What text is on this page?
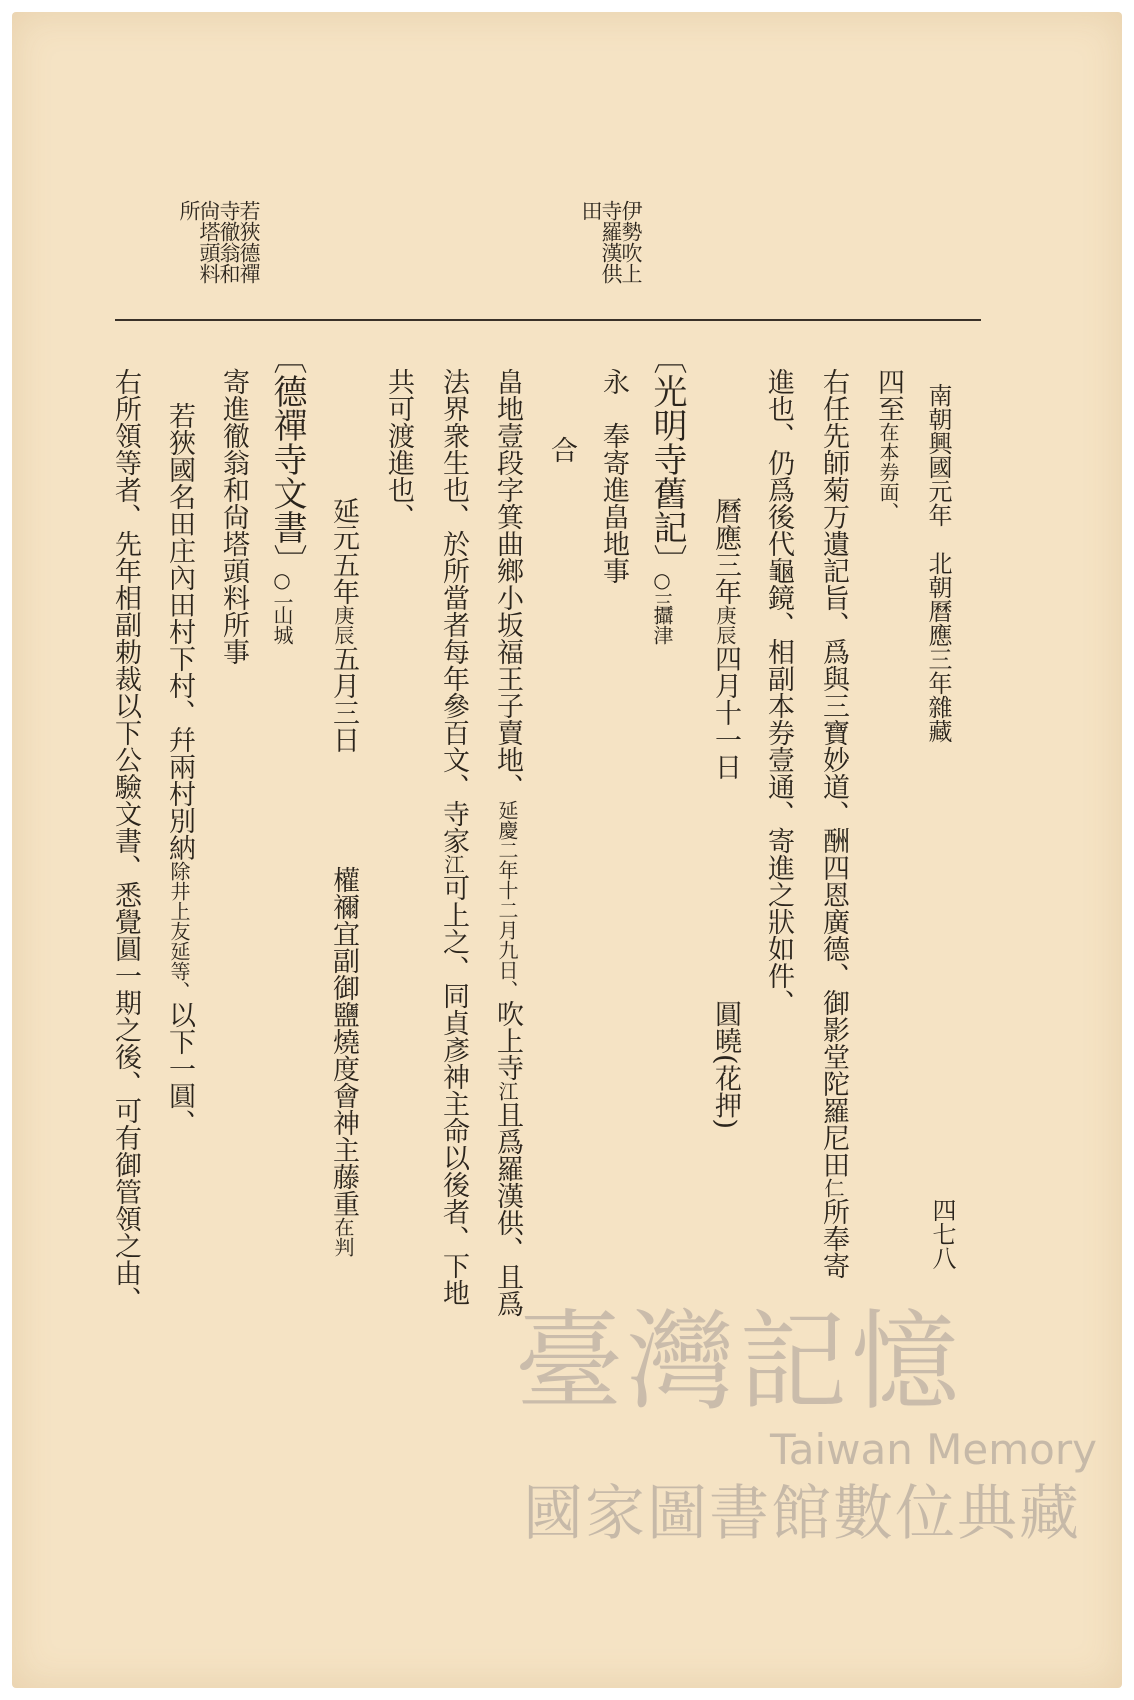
南朝興國元年　北朝曆應三年雜藏
四七八
若狹德禪
寺徹翁和
尙塔頭料
所	伊勢吹上
寺羅漢供
田
四至在本券面、
右任先師菊万遺記旨、爲與三寶妙道、酬四恩廣德、御影堂陀羅尼田仁所奉寄
進也、仍爲後代龜鏡、相副本券壹通、寄進之狀如件、
曆應三年庚辰四月十一日
圓曉(花押)
〔光明寺舊記〕
○三
攝津
永　奉寄進畠地事
合
畠地壹段字箕曲鄉小坂福王子賣地、延慶二年十二月九日、吹上寺江且爲羅漢供、且爲
法界衆生也、於所當者每年參百文、寺家江可上之、同貞彥神主命以後者、下地
共可渡進也、
延元五年庚辰五月三日
權禰宜副御鹽燒度會神主藤重在判
〔德禪寺文書〕
○一
山城
寄進徹翁和尙塔頭料所事
若狹國名田庄內田村下村、幷兩村別納除井上友延等、以下一圓、
右所領等者、先年相副勅裁以下公驗文書、悉覺圓一期之後、可有御管領之由、
臺灣記憶
Taiwan Memory
國家圖書館數位典藏
